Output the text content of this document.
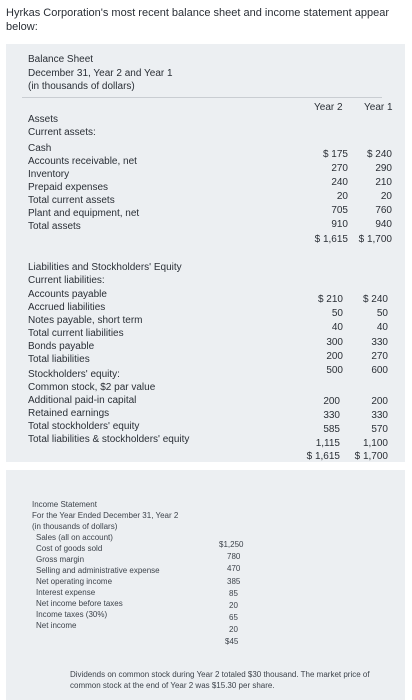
Hyrkas Corporation's most recent balance sheet and income statement appear below:
Balance Sheet
December 31, Year 2 and Year 1
(in thousands of dollars)
Year 2 Year 1
Assets
Current assets:
Cash
$ 175	$ 240
Accounts receivable, net
270	290
Inventory
240	210
Prepaid expenses
20	20
Total current assets
705	760
Plant and equipment, net
910	940
Total assets
$ 1,615	$ 1,700
Liabilities and Stockholders' Equity
Current liabilities:
Accounts payable	$ 210	$ 240
Accrued liabilities
50	50
Notes payable, short term
40	40
Total current liabilities
300	330
Bonds payable
200	270
Total liabilities
500	600
Stockholders' equity:
Common stock, $2 par value
200	200
Additional paid-in capital
330	330
Retained earnings
585	570
Total stockholders' equity
1,115	1,100
Total liabilities & stockholders' equity
$ 1,615	$ 1,700
Income Statement
For the Year Ended December 31, Year 2
(in thousands of dollars)
Sales (all on account)
$1,250
Cost of goods sold
780
Gross margin
470
Selling and administrative expense
385
Net operating income
85
Interest expense
20
Net income before taxes
65
Income taxes (30%)
20
Net income
$45
Dividends on common stock during Year 2 totaled $30 thousand. The market price of common stock at the end of Year 2 was $15.30 per share.
